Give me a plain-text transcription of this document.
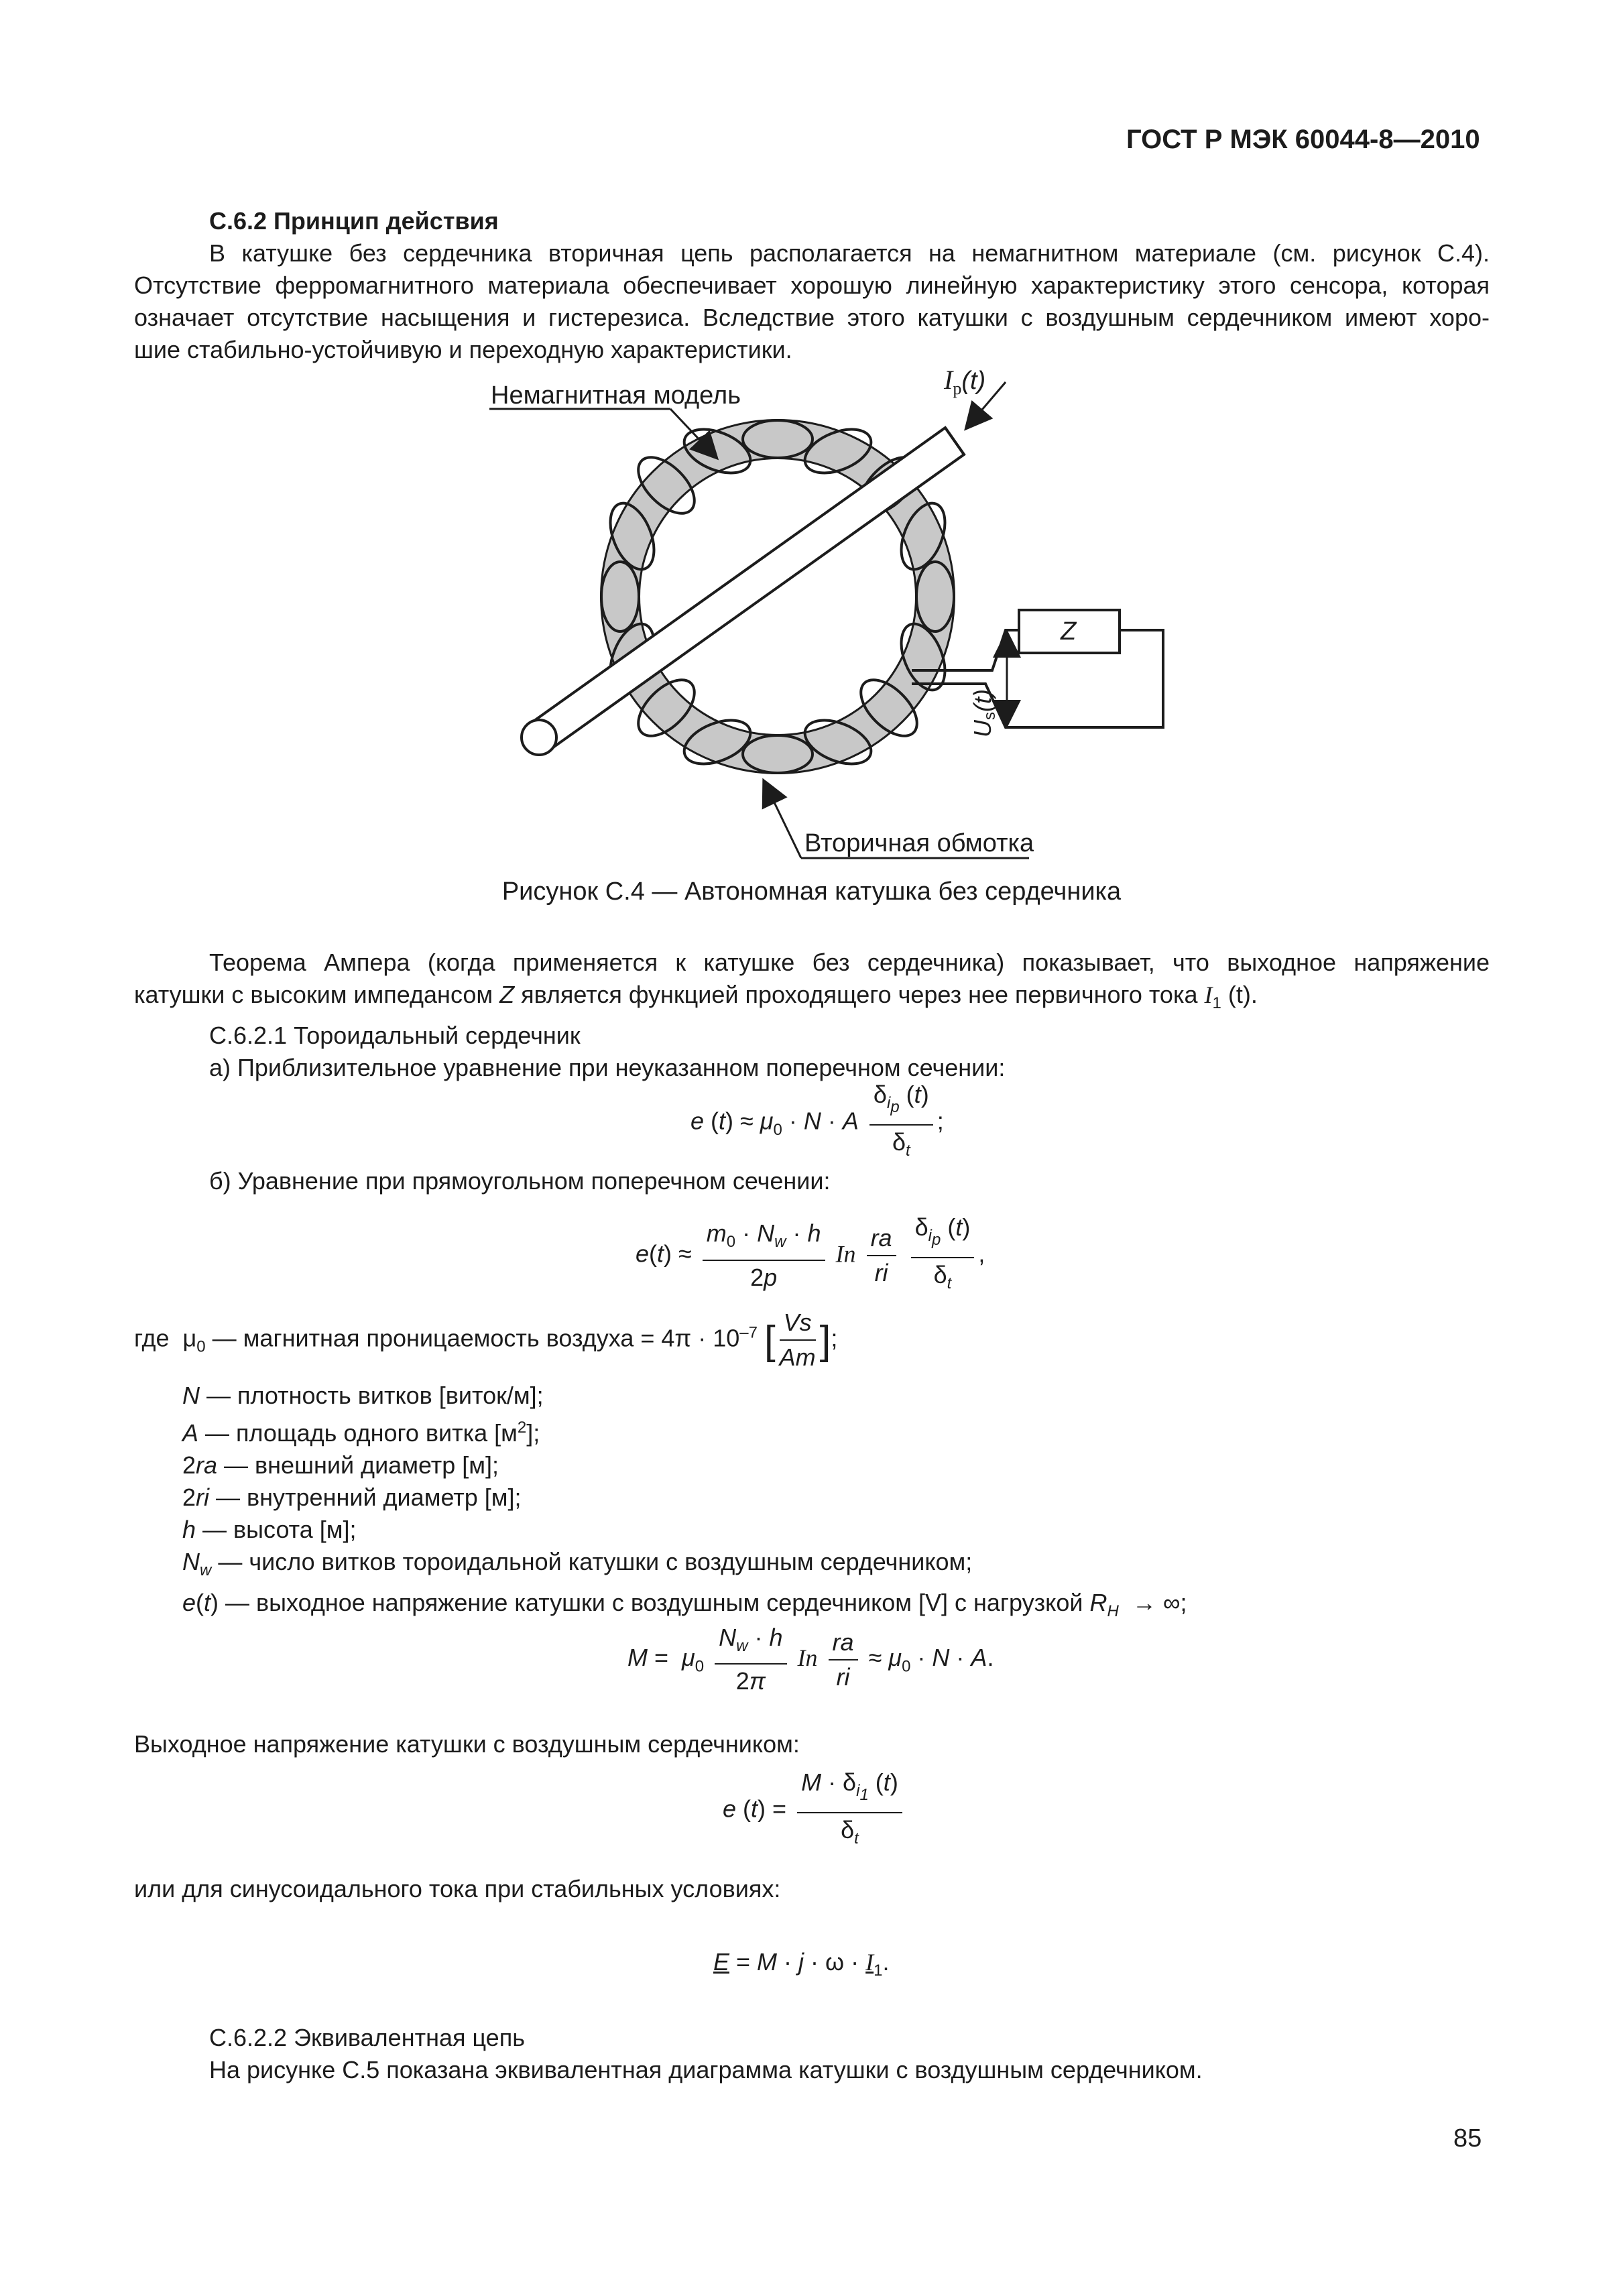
ГОСТ Р МЭК 60044-8—2010
С.6.2 Принцип действия
В катушке без сердечника вторичная цепь располагается на немагнитном материале (см. рисунок С.4).
Отсутствие ферромагнитного материала обеспечивает хорошую линейную характеристику этого сенсора, которая
означает отсутствие насыщения и гистерезиса. Вследствие этого катушки с воздушным сердечником имеют хоро-
шие стабильно-устойчивую и переходную характеристики.
Немагнитная модель
$I_p(t)$
Z
Us(t)
Вторичная обмотка
Рисунок С.4 — Автономная катушка без сердечника
Теорема Ампера (когда применяется к катушке без сердечника) показывает, что выходное напряжение
катушки с высоким импедансом Z является функцией проходящего через нее первичного тока $I_1$ (t).
С.6.2.1 Тороидальный сердечник
а) Приблизительное уравнение при неуказанном поперечном сечении:
e $(t) \approx \mu_0 \cdot N \cdot A \frac{\delta_{i_p} (t)}{\delta_t}$ ;
б) Уравнение при прямоугольном поперечном сечении:
$e(t) \approx \frac{m_0 \cdot N_w \cdot h}{2p}$ In $\frac{ra}{ri}$
$\frac{\delta_{i_p} (t)}{\delta_t}$ ,
где  $\mu_0$ — магнитная проницаемость воздуха = $4\pi \cdot 10^{-7}$ [ $\frac{Vs}{Am}$ ];
N — плотность витков [виток/м];
A — площадь одного витка $[м^2]$;
2ra — внешний диаметр [м];
2ri — внутренний диаметр [м];
h — высота [м];
$N_w$ — число витков тороидальной катушки с воздушным сердечником;
e(t) — выходное напряжение катушки с воздушным сердечником [V] с нагрузкой $R_H$  → ∞;
$M = \mu_0 \frac{N_w \cdot h}{2\pi}$ In $\frac{ra}{ri} \approx \mu_0 \cdot N \cdot A$.
Выходное напряжение катушки с воздушным сердечником:
e $(t) = \frac{M \cdot \delta_{i_1} (t)}{\delta_t}$
или для синусоидального тока при стабильных условиях:
$E = M \cdot j \cdot \omega \cdot I_1$.
С.6.2.2 Эквивалентная цепь
На рисунке С.5 показана эквивалентная диаграмма катушки с воздушным сердечником.
85
